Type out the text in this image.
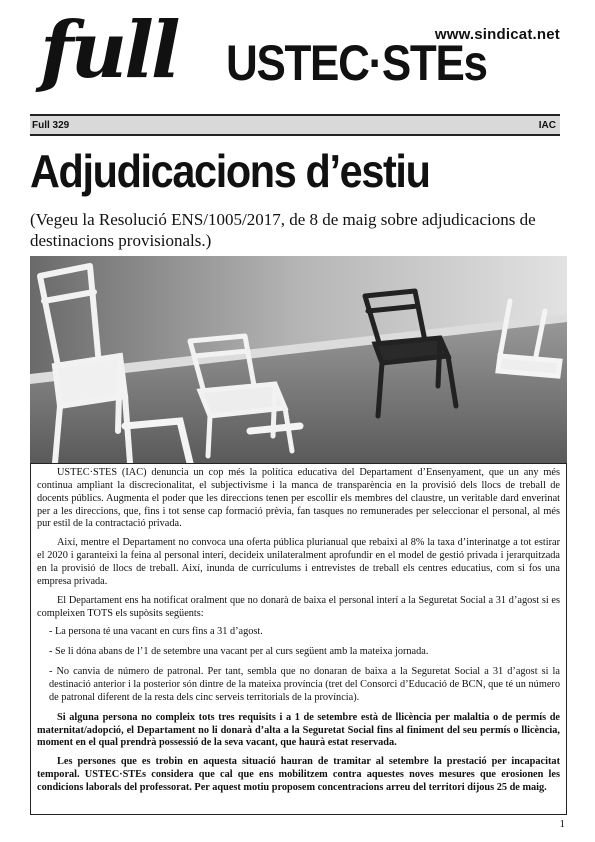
www.sindicat.net
full USTEC·STEs
Full 329	IAC
Adjudicacions d’estiu
(Vegeu la Resolució ENS/1005/2017, de 8 de maig sobre adjudicacions de destinacions provisionals.)

USTEC·STES (IAC) denuncia un cop més la política educativa del Departament d’Ensenyament, que un any més continua ampliant la discrecionalitat, el subjectivisme i la manca de transparència en la provisió dels llocs de treball de docents públics. Augmenta el poder que les direccions tenen per escollir els membres del claustre, un veritable dard enverinat per a les direccions, que, fins i tot sense cap formació prèvia, fan tasques no remunerades per seleccionar el personal, al més pur estil de la contractació privada.

Així, mentre el Departament no convoca una oferta pública plurianual que rebaixi al 8% la taxa d’interinatge a tot estirar el 2020 i garanteixi la feina al personal interí, decideix unilateralment aprofundir en el model de gestió privada i jerarquitzada en la provisió de llocs de treball. Així, inunda de currículums i entrevistes de treball els centres educatius, com si fos una empresa privada.

El Departament ens ha notificat oralment que no donarà de baixa el personal interí a la Seguretat Social a 31 d’agost si es compleixen TOTS els supòsits següents:

- La persona té una vacant en curs fins a 31 d’agost.

- Se li dóna abans de l’1 de setembre una vacant per al curs següent amb la mateixa jornada.

- No canvia de número de patronal. Per tant, sembla que no donaran de baixa a la Seguretat Social a 31 d’agost si la destinació anterior i la posterior són dintre de la mateixa província (tret del Consorci d’Educació de BCN, que té un número de patronal diferent de la resta dels cinc serveis territorials de la província).

Si alguna persona no compleix tots tres requisits i a 1 de setembre està de llicència per malaltia o de permís de maternitat/adopció, el Departament no li donarà d’alta a la Seguretat Social fins al finiment del seu permís o llicència, moment en el qual prendrà possessió de la seva vacant, que haurà estat reservada.

Les persones que es trobin en aquesta situació hauran de tramitar al setembre la prestació per incapacitat temporal. USTEC·STEs considera que cal que ens mobilitzem contra aquestes noves mesures que erosionen les condicions laborals del professorat. Per aquest motiu proposem concentracions arreu del territori dijous 25 de maig.

1
